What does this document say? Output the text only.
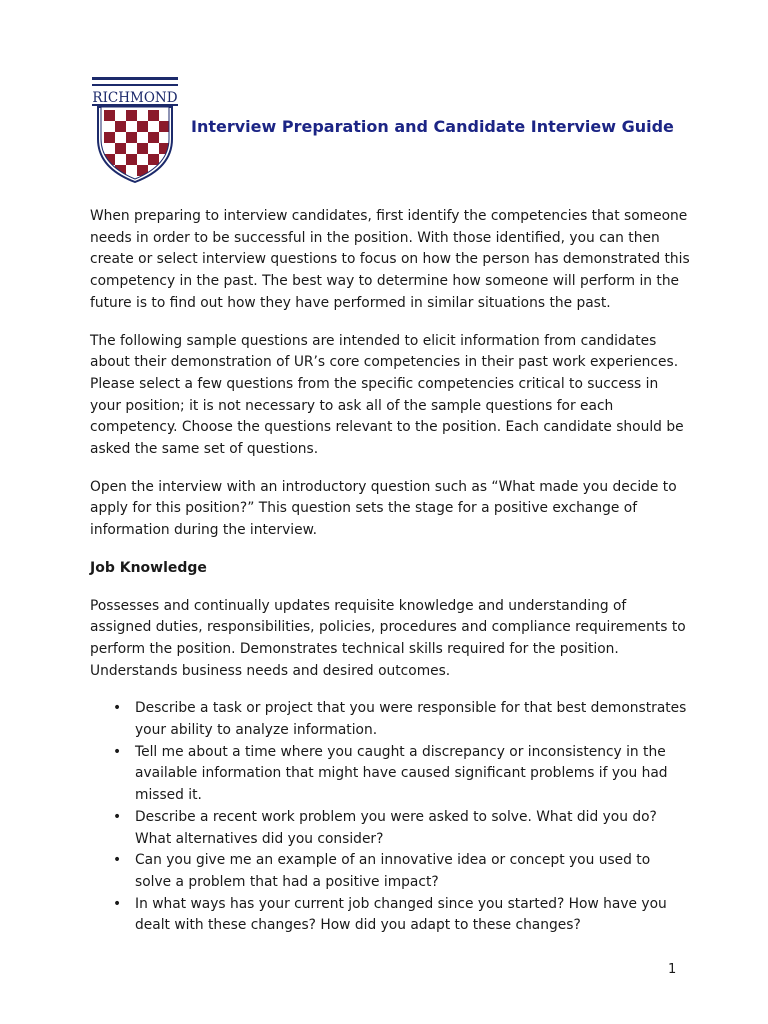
RICHMOND
Interview Preparation and Candidate Interview Guide

When preparing to interview candidates, first identify the competencies that someone needs in order to be successful in the position. With those identified, you can then create or select interview questions to focus on how the person has demonstrated this competency in the past. The best way to determine how someone will perform in the future is to find out how they have performed in similar situations the past.

The following sample questions are intended to elicit information from candidates about their demonstration of UR’s core competencies in their past work experiences. Please select a few questions from the specific competencies critical to success in your position; it is not necessary to ask all of the sample questions for each competency. Choose the questions relevant to the position. Each candidate should be asked the same set of questions.

Open the interview with an introductory question such as “What made you decide to apply for this position?” This question sets the stage for a positive exchange of information during the interview.

Job Knowledge

Possesses and continually updates requisite knowledge and understanding of assigned duties, responsibilities, policies, procedures and compliance requirements to perform the position. Demonstrates technical skills required for the position. Understands business needs and desired outcomes.

• Describe a task or project that you were responsible for that best demonstrates your ability to analyze information.
• Tell me about a time where you caught a discrepancy or inconsistency in the available information that might have caused significant problems if you had missed it.
• Describe a recent work problem you were asked to solve. What did you do? What alternatives did you consider?
• Can you give me an example of an innovative idea or concept you used to solve a problem that had a positive impact?
• In what ways has your current job changed since you started? How have you dealt with these changes? How did you adapt to these changes?
1
